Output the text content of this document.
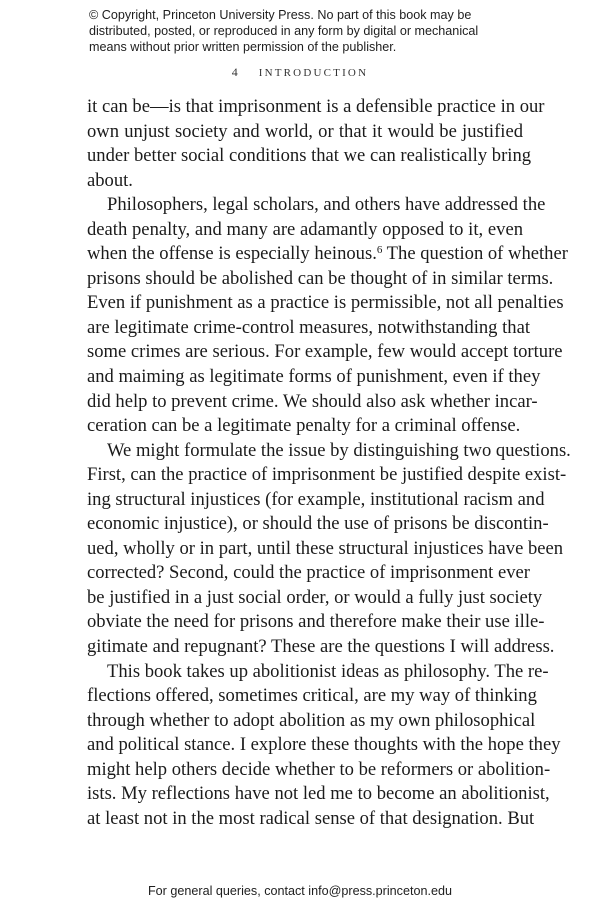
© Copyright, Princeton University Press. No part of this book may be
distributed, posted, or reproduced in any form by digital or mechanical
means without prior written permission of the publisher.
4 INTRODUCTION
it can be—is that imprisonment is a defensible practice in our
own unjust society and world, or that it would be justified
under better social conditions that we can realistically bring
about.
Philosophers, legal scholars, and others have addressed the
death penalty, and many are adamantly opposed to it, even
when the offense is especially heinous.$^6$ The question of whether
prisons should be abolished can be thought of in similar terms.
Even if punishment as a practice is permissible, not all penalties
are legitimate crime-control measures, notwithstanding that
some crimes are serious. For example, few would accept torture
and maiming as legitimate forms of punishment, even if they
did help to prevent crime. We should also ask whether incar-
ceration can be a legitimate penalty for a criminal offense.
We might formulate the issue by distinguishing two questions.
First, can the practice of imprisonment be justified despite exist-
ing structural injustices (for example, institutional racism and
economic injustice), or should the use of prisons be discontin-
ued, wholly or in part, until these structural injustices have been
corrected? Second, could the practice of imprisonment ever
be justified in a just social order, or would a fully just society
obviate the need for prisons and therefore make their use ille-
gitimate and repugnant? These are the questions I will address.
This book takes up abolitionist ideas as philosophy. The re-
flections offered, sometimes critical, are my way of thinking
through whether to adopt abolition as my own philosophical
and political stance. I explore these thoughts with the hope they
might help others decide whether to be reformers or abolition-
ists. My reflections have not led me to become an abolitionist,
at least not in the most radical sense of that designation. But
For general queries, contact info@press.princeton.edu
